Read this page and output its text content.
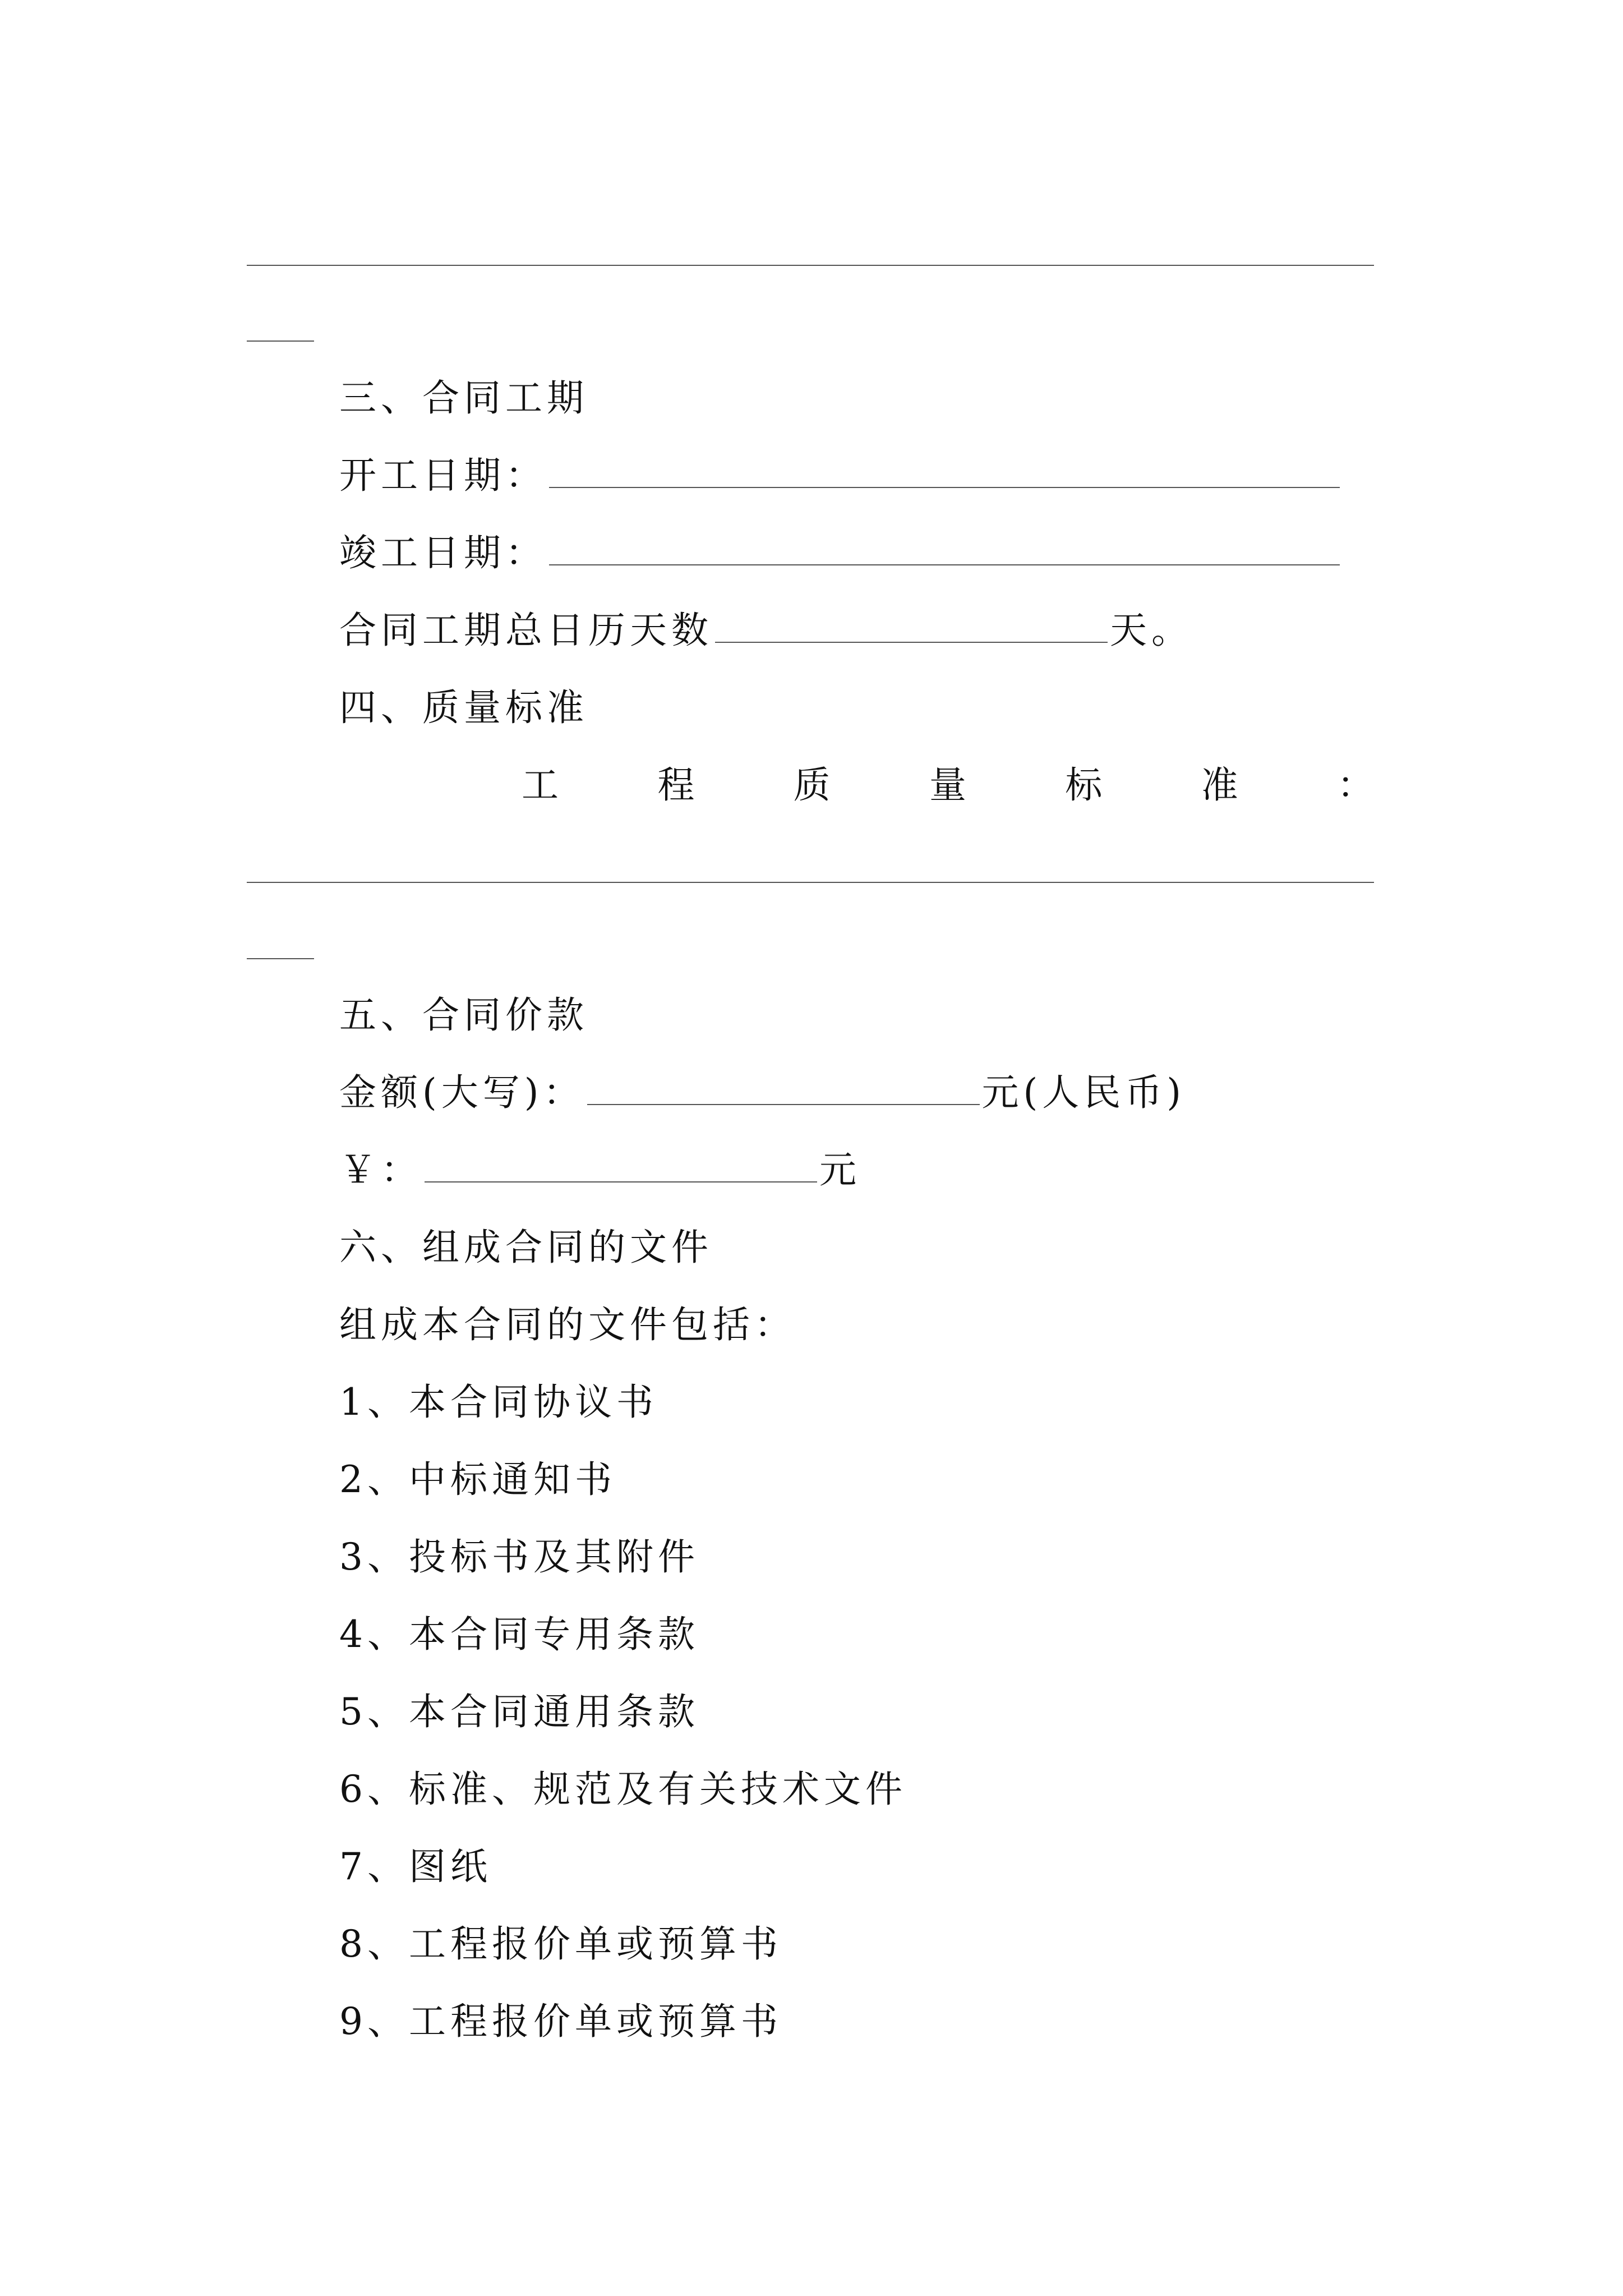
三、合同工期
开工日期：
竣工日期：
合同工期总日历天数	天。
四、质量标准
工	程	质	量	标	准	：
五、合同价款
金额(大写)：	元(人民币)
￥：	元
六、组成合同的文件
组成本合同的文件包括：
1、本合同协议书
2、中标通知书
3、投标书及其附件
4、本合同专用条款
5、本合同通用条款
6、标准、规范及有关技术文件
7、图纸
8、工程报价单或预算书
9、工程报价单或预算书
